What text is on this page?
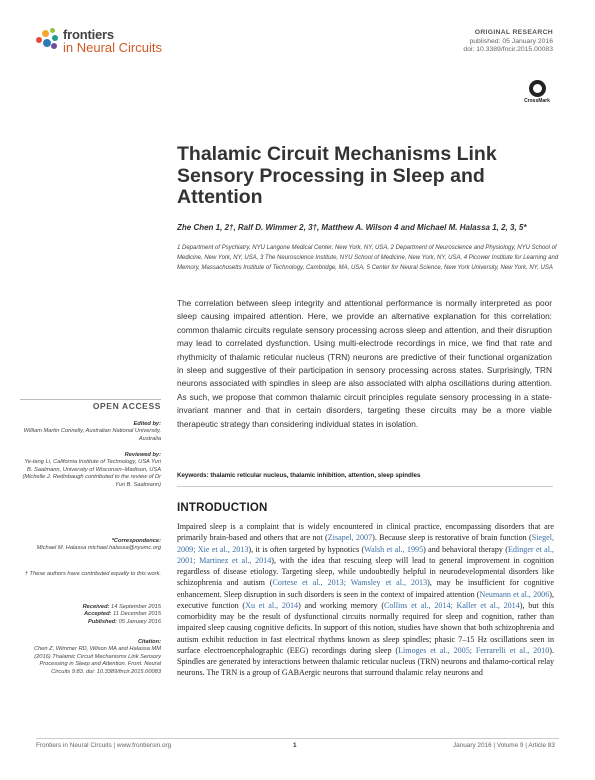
frontiers
in Neural Circuits
ORIGINAL RESEARCH
published: 05 January 2016
doi: 10.3389/fncir.2015.00083
CrossMark
Thalamic Circuit Mechanisms Link Sensory Processing in Sleep and Attention
Zhe Chen 1, 2†, Ralf D. Wimmer 2, 3†, Matthew A. Wilson 4 and Michael M. Halassa 1, 2, 3, 5*
1 Department of Psychiatry, NYU Langone Medical Center, New York, NY, USA, 2 Department of Neuroscience and Physiology, NYU School of Medicine, New York, NY, USA, 3 The Neuroscience Institute, NYU School of Medicine, New York, NY, USA, 4 Picower Institute for Learning and Memory, Massachusetts Institute of Technology, Cambridge, MA, USA, 5 Center for Neural Science, New York University, New York, NY, USA
The correlation between sleep integrity and attentional performance is normally interpreted as poor sleep causing impaired attention. Here, we provide an alternative explanation for this correlation: common thalamic circuits regulate sensory processing across sleep and attention, and their disruption may lead to correlated dysfunction. Using multi-electrode recordings in mice, we find that rate and rhythmicity of thalamic reticular nucleus (TRN) neurons are predictive of their functional organization in sleep and suggestive of their participation in sensory processing across states. Surprisingly, TRN neurons associated with spindles in sleep are also associated with alpha oscillations during attention. As such, we propose that common thalamic circuit principles regulate sensory processing in a state-invariant manner and that in certain disorders, targeting these circuits may be a more viable therapeutic strategy than considering individual states in isolation.
Keywords: thalamic reticular nucleus, thalamic inhibition, attention, sleep spindles
INTRODUCTION
Impaired sleep is a complaint that is widely encountered in clinical practice, encompassing disorders that are primarily brain-based and others that are not (Zisapel, 2007). Because sleep is restorative of brain function (Siegel, 2009; Xie et al., 2013), it is often targeted by hypnotics (Walsh et al., 1995) and behavioral therapy (Edinger et al., 2001; Martinez et al., 2014), with the idea that rescuing sleep will lead to general improvement in cognition regardless of disease etiology. Targeting sleep, while undoubtedly helpful in neurodevelopmental disorders like schizophrenia and autism (Cortese et al., 2013; Wamsley et al., 2013), may be insufficient for cognitive enhancement. Sleep disruption in such disorders is seen in the context of impaired attention (Neumann et al., 2006), executive function (Xu et al., 2014) and working memory (Collins et al., 2014; Kaller et al., 2014), but this comorbidity may be the result of dysfunctional circuits normally required for sleep and cognition, rather than impaired sleep causing cognitive deficits. In support of this notion, studies have shown that both schizophrenia and autism exhibit reduction in fast electrical rhythms known as sleep spindles; phasic 7–15 Hz oscillations seen in surface electroencephalographic (EEG) recordings during sleep (Limoges et al., 2005; Ferrarelli et al., 2010). Spindles are generated by interactions between thalamic reticular nucleus (TRN) neurons and thalamo-cortical relay neurons. The TRN is a group of GABAergic neurons that surround thalamic relay neurons and
OPEN ACCESS
Edited by:
William Martin Connelly, Australian National University, Australia
Reviewed by:
Ye-tang Li, California Institute of Technology, USA Yuri B. Saalmann, University of Wisconsin–Madison, USA (Michelle J. Redinbaugh contributed to the review of Dr Yuri B. Saalmann)
*Correspondence:
Michael M. Halassa michael.halassa@nyumc.org
† These authors have contributed equally to this work.
Received: 14 September 2015
Accepted: 11 December 2015
Published: 05 January 2016
Citation:
Chen Z, Wimmer RD, Wilson MA and Halassa MM (2016) Thalamic Circuit Mechanisms Link Sensory Processing in Sleep and Attention. Front. Neural Circuits 9:83. doi: 10.3389/fncir.2015.00083
Frontiers in Neural Circuits | www.frontiersin.org	1	January 2016 | Volume 9 | Article 83
